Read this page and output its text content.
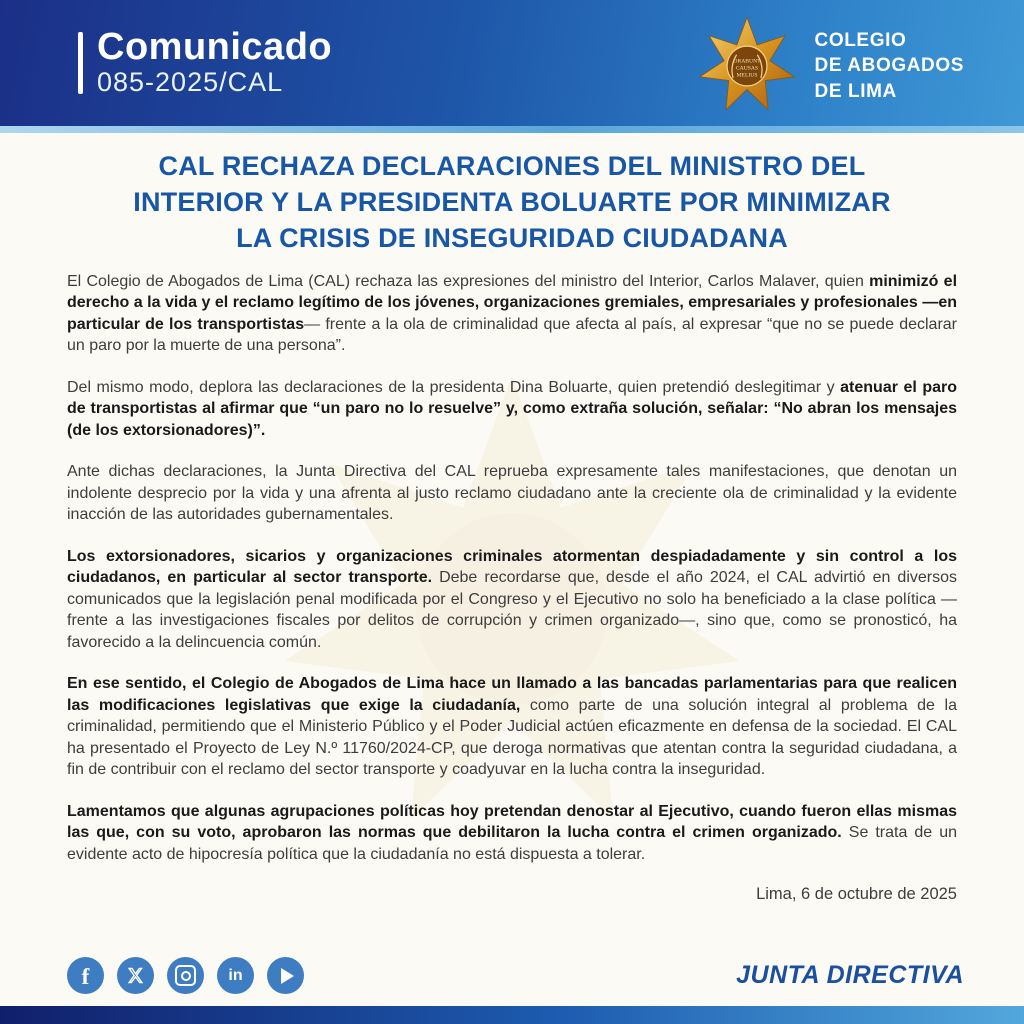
Comunicado
085-2025/CAL
ORABUNT
CAUSAS
MELIUS
COLEGIO
DE ABOGADOS
DE LIMA
CAL RECHAZA DECLARACIONES DEL MINISTRO DEL
INTERIOR Y LA PRESIDENTA BOLUARTE POR MINIMIZAR
LA CRISIS DE INSEGURIDAD CIUDADANA

El Colegio de Abogados de Lima (CAL) rechaza las expresiones del ministro del Interior, Carlos Malaver, quien minimizó el derecho a la vida y el reclamo legítimo de los jóvenes, organizaciones gremiales, empresariales y profesionales —en particular de los transportistas— frente a la ola de criminalidad que afecta al país, al expresar “que no se puede declarar un paro por la muerte de una persona”.

Del mismo modo, deplora las declaraciones de la presidenta Dina Boluarte, quien pretendió deslegitimar y atenuar el paro de transportistas al afirmar que “un paro no lo resuelve” y, como extraña solución, señalar: “No abran los mensajes (de los extorsionadores)”.

Ante dichas declaraciones, la Junta Directiva del CAL reprueba expresamente tales manifestaciones, que denotan un indolente desprecio por la vida y una afrenta al justo reclamo ciudadano ante la creciente ola de criminalidad y la evidente inacción de las autoridades gubernamentales.

Los extorsionadores, sicarios y organizaciones criminales atormentan despiadadamente y sin control a los ciudadanos, en particular al sector transporte. Debe recordarse que, desde el año 2024, el CAL advirtió en diversos comunicados que la legislación penal modificada por el Congreso y el Ejecutivo no solo ha beneficiado a la clase política —frente a las investigaciones fiscales por delitos de corrupción y crimen organizado—, sino que, como se pronosticó, ha favorecido a la delincuencia común.

En ese sentido, el Colegio de Abogados de Lima hace un llamado a las bancadas parlamentarias para que realicen las modificaciones legislativas que exige la ciudadanía, como parte de una solución integral al problema de la criminalidad, permitiendo que el Ministerio Público y el Poder Judicial actúen eficazmente en defensa de la sociedad. El CAL ha presentado el Proyecto de Ley N.º 11760/2024-CP, que deroga normativas que atentan contra la seguridad ciudadana, a fin de contribuir con el reclamo del sector transporte y coadyuvar en la lucha contra la inseguridad.

Lamentamos que algunas agrupaciones políticas hoy pretendan denostar al Ejecutivo, cuando fueron ellas mismas las que, con su voto, aprobaron las normas que debilitaron la lucha contra el crimen organizado. Se trata de un evidente acto de hipocresía política que la ciudadanía no está dispuesta a tolerar.

Lima, 6 de octubre de 2025
f	in	JUNTA DIRECTIVA
